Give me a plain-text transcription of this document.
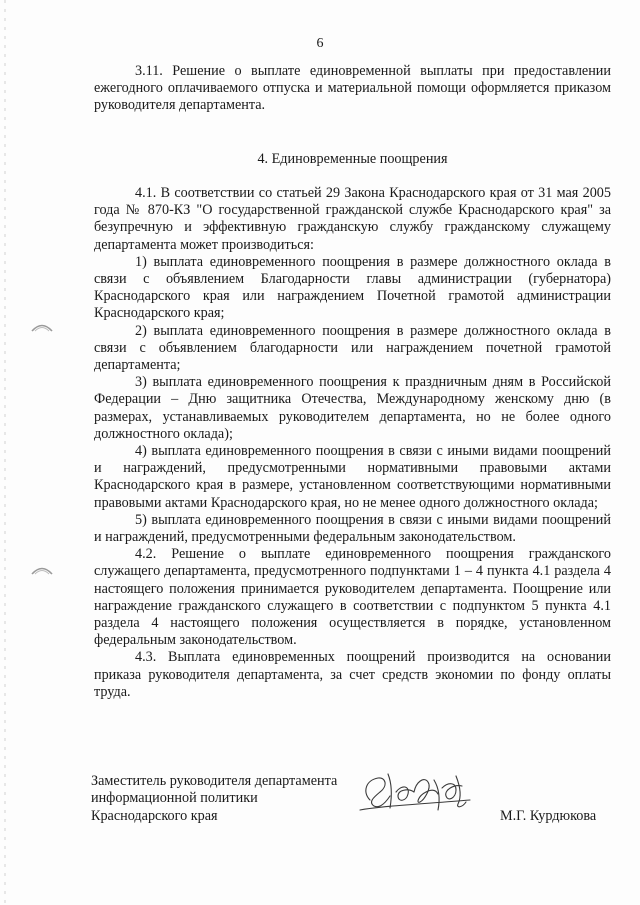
6

3.11. Решение о выплате единовременной выплаты при предоставлении ежегодного оплачиваемого отпуска и материальной помощи оформляется приказом руководителя департамента.

4. Единовременные поощрения

4.1. В соответствии со статьей 29 Закона Краснодарского края от 31 мая 2005 года № 870-КЗ "О государственной гражданской службе Краснодарского края" за безупречную и эффективную гражданскую службу гражданскому служащему департамента может производиться:

1) выплата единовременного поощрения в размере должностного оклада в связи с объявлением Благодарности главы администрации (губернатора) Краснодарского края или награждением Почетной грамотой администрации Краснодарского края;

2) выплата единовременного поощрения в размере должностного оклада в связи с объявлением благодарности или награждением почетной грамотой департамента;

3) выплата единовременного поощрения к праздничным дням в Российской Федерации – Дню защитника Отечества, Международному женскому дню (в размерах, устанавливаемых руководителем департамента, но не более одного должностного оклада);

4) выплата единовременного поощрения в связи с иными видами поощрений и награждений, предусмотренными нормативными правовыми актами Краснодарского края в размере, установленном соответствующими нормативными правовыми актами Краснодарского края, но не менее одного должностного оклада;

5) выплата единовременного поощрения в связи с иными видами поощрений и награждений, предусмотренными федеральным законодательством.

4.2. Решение о выплате единовременного поощрения гражданского служащего департамента, предусмотренного подпунктами 1 – 4 пункта 4.1 раздела 4 настоящего положения принимается руководителем департамента. Поощрение или награждение гражданского служащего в соответствии с подпунктом 5 пункта 4.1 раздела 4 настоящего положения осуществляется в порядке, установленном федеральным законодательством.

4.3. Выплата единовременных поощрений производится на основании приказа руководителя департамента, за счет средств экономии по фонду оплаты труда.

Заместитель руководителя департамента
информационной политики
Краснодарского края	М.Г. Курдюкова
